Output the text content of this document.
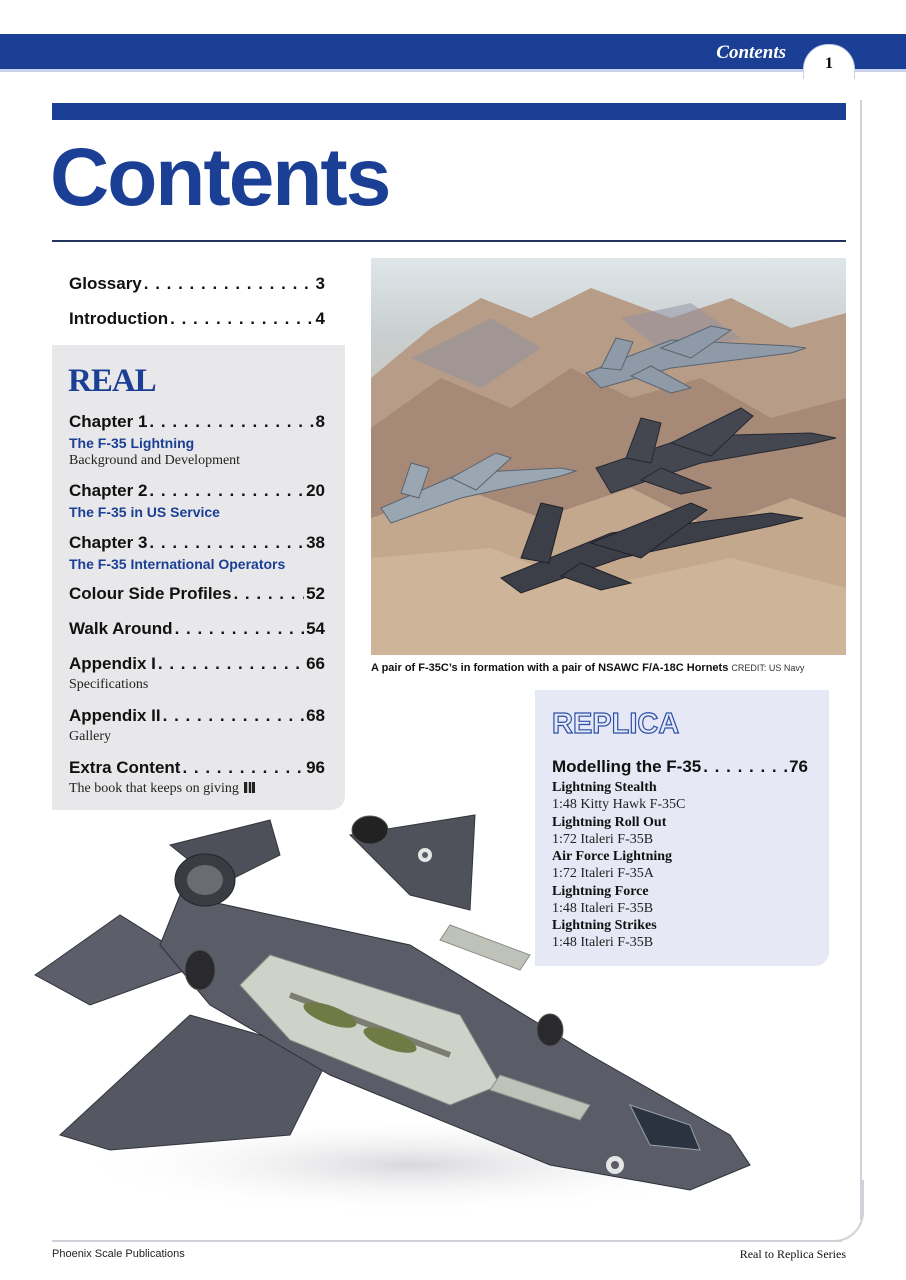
Contents
1
Contents
Glossary . . .	3
Introduction . . .	4
REAL
Chapter 1 . . .	8
The F-35 Lightning
Background and Development
Chapter 2 . . .	20
The F-35 in US Service
Chapter 3 . . .	38
The F-35 International Operators
Colour Side Profiles . . .	52
Walk Around . . .	54
Appendix I . . .	66
Specifications
Appendix II . . .	68
Gallery
Extra Content . . .	96
The book that keeps on giving
A pair of F-35C’s in formation with a pair of NSAWC F/A-18C Hornets CREDIT: US Navy
REPLICA
Modelling the F-35 . . .	76
Lightning Stealth
1:48 Kitty Hawk F-35C
Lightning Roll Out
1:72 Italeri F-35B
Air Force Lightning
1:72 Italeri F-35A
Lightning Force
1:48 Italeri F-35B
Lightning Strikes
1:48 Italeri F-35B
Phoenix Scale Publications	Real to Replica Series
